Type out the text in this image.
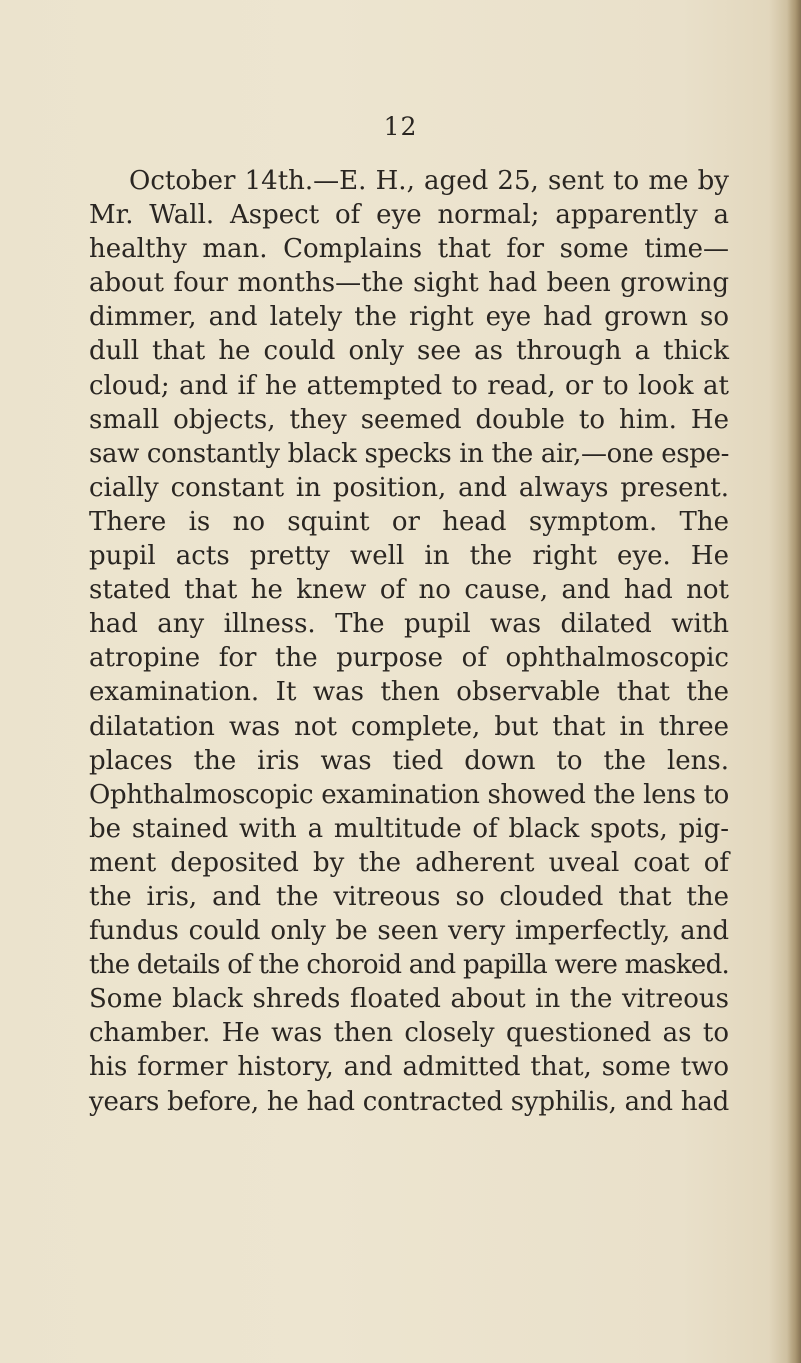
12
October 14th.—E. H., aged 25, sent to me by
Mr. Wall. Aspect of eye normal; apparently a
healthy man. Complains that for some time—
about four months—the sight had been growing
dimmer, and lately the right eye had grown so
dull that he could only see as through a thick
cloud; and if he attempted to read, or to look at
small objects, they seemed double to him. He
saw constantly black specks in the air,—one espe-
cially constant in position, and always present.
There is no squint or head symptom. The
pupil acts pretty well in the right eye. He
stated that he knew of no cause, and had not
had any illness. The pupil was dilated with
atropine for the purpose of ophthalmoscopic
examination. It was then observable that the
dilatation was not complete, but that in three
places the iris was tied down to the lens.
Ophthalmoscopic examination showed the lens to
be stained with a multitude of black spots, pig-
ment deposited by the adherent uveal coat of
the iris, and the vitreous so clouded that the
fundus could only be seen very imperfectly, and
the details of the choroid and papilla were masked.
Some black shreds floated about in the vitreous
chamber. He was then closely questioned as to
his former history, and admitted that, some two
years before, he had contracted syphilis, and had
